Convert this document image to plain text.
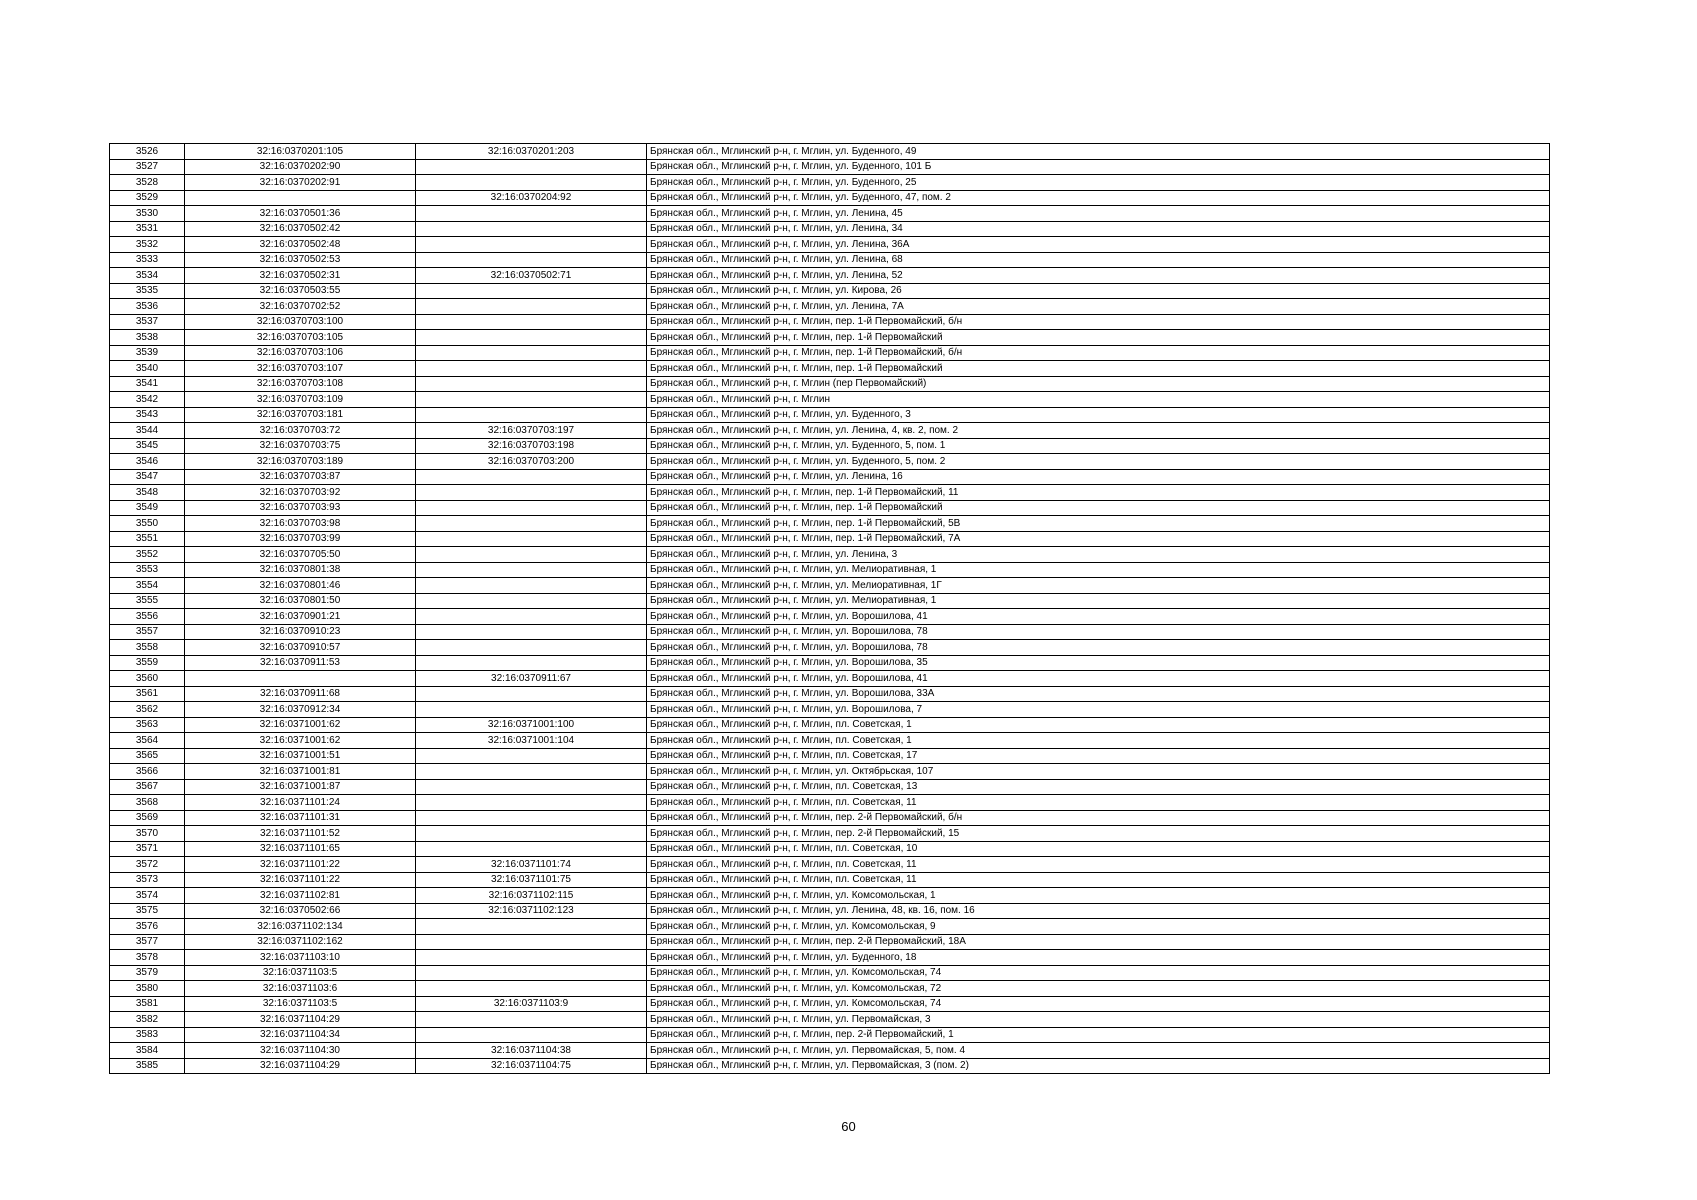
3526	32:16:0370201:105	32:16:0370201:203	Брянская обл., Мглинский р-н, г. Мглин, ул. Буденного, 49
3527	32:16:0370202:90		Брянская обл., Мглинский р-н, г. Мглин, ул. Буденного, 101 Б
3528	32:16:0370202:91		Брянская обл., Мглинский р-н, г. Мглин, ул. Буденного, 25
3529		32:16:0370204:92	Брянская обл., Мглинский р-н, г. Мглин, ул. Буденного, 47, пом. 2
3530	32:16:0370501:36		Брянская обл., Мглинский р-н, г. Мглин, ул. Ленина, 45
3531	32:16:0370502:42		Брянская обл., Мглинский р-н, г. Мглин, ул. Ленина, 34
3532	32:16:0370502:48		Брянская обл., Мглинский р-н, г. Мглин, ул. Ленина, 36А
3533	32:16:0370502:53		Брянская обл., Мглинский р-н, г. Мглин, ул. Ленина, 68
3534	32:16:0370502:31	32:16:0370502:71	Брянская обл., Мглинский р-н, г. Мглин, ул. Ленина, 52
3535	32:16:0370503:55		Брянская обл., Мглинский р-н, г. Мглин, ул. Кирова, 26
3536	32:16:0370702:52		Брянская обл., Мглинский р-н, г. Мглин, ул. Ленина, 7А
3537	32:16:0370703:100		Брянская обл., Мглинский р-н, г. Мглин, пер. 1-й Первомайский, б/н
3538	32:16:0370703:105		Брянская обл., Мглинский р-н, г. Мглин, пер. 1-й Первомайский
3539	32:16:0370703:106		Брянская обл., Мглинский р-н, г. Мглин, пер. 1-й Первомайский, б/н
3540	32:16:0370703:107		Брянская обл., Мглинский р-н, г. Мглин, пер. 1-й Первомайский
3541	32:16:0370703:108		Брянская обл., Мглинский р-н, г. Мглин (пер Первомайский)
3542	32:16:0370703:109		Брянская обл., Мглинский р-н, г. Мглин
3543	32:16:0370703:181		Брянская обл., Мглинский р-н, г. Мглин, ул. Буденного, 3
3544	32:16:0370703:72	32:16:0370703:197	Брянская обл., Мглинский р-н, г. Мглин, ул. Ленина, 4, кв. 2, пом. 2
3545	32:16:0370703:75	32:16:0370703:198	Брянская обл., Мглинский р-н, г. Мглин, ул. Буденного, 5, пом. 1
3546	32:16:0370703:189	32:16:0370703:200	Брянская обл., Мглинский р-н, г. Мглин, ул. Буденного, 5, пом. 2
3547	32:16:0370703:87		Брянская обл., Мглинский р-н, г. Мглин, ул. Ленина, 16
3548	32:16:0370703:92		Брянская обл., Мглинский р-н, г. Мглин, пер. 1-й Первомайский, 11
3549	32:16:0370703:93		Брянская обл., Мглинский р-н, г. Мглин, пер. 1-й Первомайский
3550	32:16:0370703:98		Брянская обл., Мглинский р-н, г. Мглин, пер. 1-й Первомайский, 5В
3551	32:16:0370703:99		Брянская обл., Мглинский р-н, г. Мглин, пер. 1-й Первомайский, 7А
3552	32:16:0370705:50		Брянская обл., Мглинский р-н, г. Мглин, ул. Ленина, 3
3553	32:16:0370801:38		Брянская обл., Мглинский р-н, г. Мглин, ул. Мелиоративная, 1
3554	32:16:0370801:46		Брянская обл., Мглинский р-н, г. Мглин, ул. Мелиоративная, 1Г
3555	32:16:0370801:50		Брянская обл., Мглинский р-н, г. Мглин, ул. Мелиоративная, 1
3556	32:16:0370901:21		Брянская обл., Мглинский р-н, г. Мглин, ул. Ворошилова, 41
3557	32:16:0370910:23		Брянская обл., Мглинский р-н, г. Мглин, ул. Ворошилова, 78
3558	32:16:0370910:57		Брянская обл., Мглинский р-н, г. Мглин, ул. Ворошилова, 78
3559	32:16:0370911:53		Брянская обл., Мглинский р-н, г. Мглин, ул. Ворошилова, 35
3560		32:16:0370911:67	Брянская обл., Мглинский р-н, г. Мглин, ул. Ворошилова, 41
3561	32:16:0370911:68		Брянская обл., Мглинский р-н, г. Мглин, ул. Ворошилова, 33А
3562	32:16:0370912:34		Брянская обл., Мглинский р-н, г. Мглин, ул. Ворошилова, 7
3563	32:16:0371001:62	32:16:0371001:100	Брянская обл., Мглинский р-н, г. Мглин, пл. Советская, 1
3564	32:16:0371001:62	32:16:0371001:104	Брянская обл., Мглинский р-н, г. Мглин, пл. Советская, 1
3565	32:16:0371001:51		Брянская обл., Мглинский р-н, г. Мглин, пл. Советская, 17
3566	32:16:0371001:81		Брянская обл., Мглинский р-н, г. Мглин, ул. Октябрьская, 107
3567	32:16:0371001:87		Брянская обл., Мглинский р-н, г. Мглин, пл. Советская, 13
3568	32:16:0371101:24		Брянская обл., Мглинский р-н, г. Мглин, пл. Советская, 11
3569	32:16:0371101:31		Брянская обл., Мглинский р-н, г. Мглин, пер. 2-й Первомайский, б/н
3570	32:16:0371101:52		Брянская обл., Мглинский р-н, г. Мглин, пер. 2-й Первомайский, 15
3571	32:16:0371101:65		Брянская обл., Мглинский р-н, г. Мглин, пл. Советская, 10
3572	32:16:0371101:22	32:16:0371101:74	Брянская обл., Мглинский р-н, г. Мглин, пл. Советская, 11
3573	32:16:0371101:22	32:16:0371101:75	Брянская обл., Мглинский р-н, г. Мглин, пл. Советская, 11
3574	32:16:0371102:81	32:16:0371102:115	Брянская обл., Мглинский р-н, г. Мглин, ул. Комсомольская, 1
3575	32:16:0370502:66	32:16:0371102:123	Брянская обл., Мглинский р-н, г. Мглин, ул. Ленина, 48, кв. 16, пом. 16
3576	32:16:0371102:134		Брянская обл., Мглинский р-н, г. Мглин, ул. Комсомольская, 9
3577	32:16:0371102:162		Брянская обл., Мглинский р-н, г. Мглин, пер. 2-й Первомайский, 18А
3578	32:16:0371103:10		Брянская обл., Мглинский р-н, г. Мглин, ул. Буденного, 18
3579	32:16:0371103:5		Брянская обл., Мглинский р-н, г. Мглин, ул. Комсомольская, 74
3580	32:16:0371103:6		Брянская обл., Мглинский р-н, г. Мглин, ул. Комсомольская, 72
3581	32:16:0371103:5	32:16:0371103:9	Брянская обл., Мглинский р-н, г. Мглин, ул. Комсомольская, 74
3582	32:16:0371104:29		Брянская обл., Мглинский р-н, г. Мглин, ул. Первомайская, 3
3583	32:16:0371104:34		Брянская обл., Мглинский р-н, г. Мглин, пер. 2-й Первомайский, 1
3584	32:16:0371104:30	32:16:0371104:38	Брянская обл., Мглинский р-н, г. Мглин, ул. Первомайская, 5, пом. 4
3585	32:16:0371104:29	32:16:0371104:75	Брянская обл., Мглинский р-н, г. Мглин, ул. Первомайская, 3 (пом. 2)
60
